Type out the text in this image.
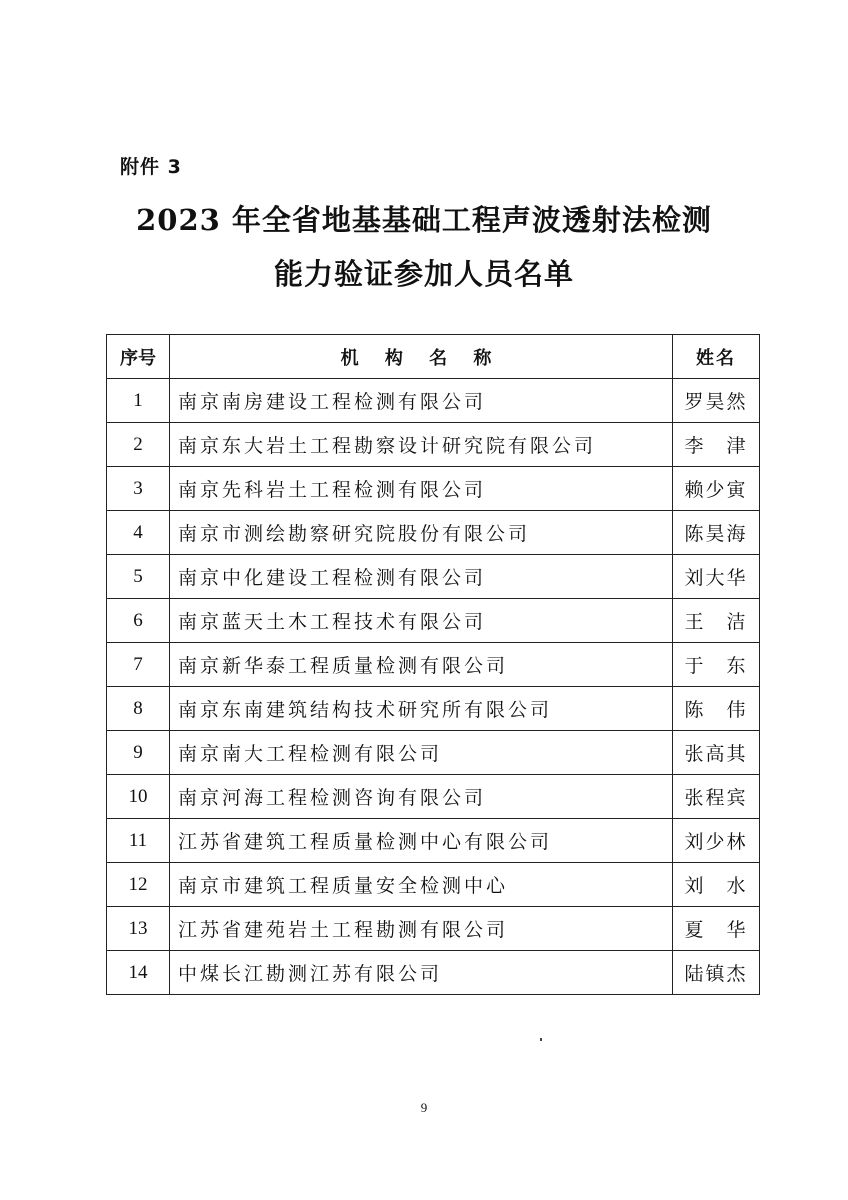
附件 3
2023 年全省地基基础工程声波透射法检测
能力验证参加人员名单
序号	机 构 名 称	姓名
1	南京南房建设工程检测有限公司	罗昊然
2	南京东大岩土工程勘察设计研究院有限公司	李　津
3	南京先科岩土工程检测有限公司	赖少寅
4	南京市测绘勘察研究院股份有限公司	陈昊海
5	南京中化建设工程检测有限公司	刘大华
6	南京蓝天土木工程技术有限公司	王　洁
7	南京新华泰工程质量检测有限公司	于　东
8	南京东南建筑结构技术研究所有限公司	陈　伟
9	南京南大工程检测有限公司	张高其
10	南京河海工程检测咨询有限公司	张程宾
11	江苏省建筑工程质量检测中心有限公司	刘少林
12	南京市建筑工程质量安全检测中心	刘　水
13	江苏省建苑岩土工程勘测有限公司	夏　华
14	中煤长江勘测江苏有限公司	陆镇杰
9
